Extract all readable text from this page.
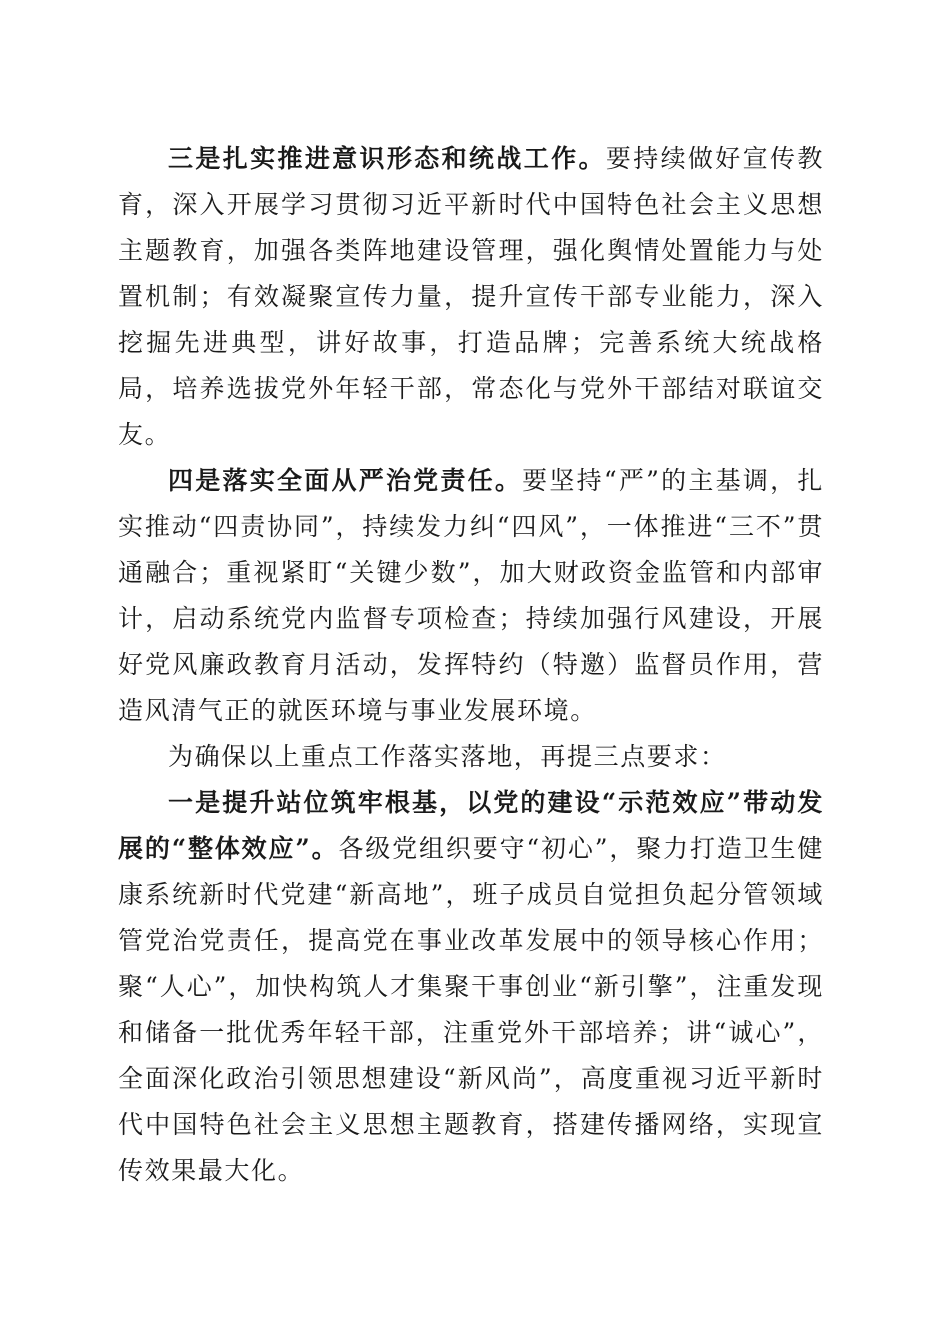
三是扎实推进意识形态和统战工作。要持续做好宣传教育，深入开展学习贯彻习近平新时代中国特色社会主义思想主题教育，加强各类阵地建设管理，强化舆情处置能力与处置机制；有效凝聚宣传力量，提升宣传干部专业能力，深入挖掘先进典型，讲好故事，打造品牌；完善系统大统战格局，培养选拔党外年轻干部，常态化与党外干部结对联谊交友。

四是落实全面从严治党责任。要坚持“严”的主基调，扎实推动“四责协同”，持续发力纠“四风”，一体推进“三不”贯通融合；重视紧盯“关键少数”，加大财政资金监管和内部审计，启动系统党内监督专项检查；持续加强行风建设，开展好党风廉政教育月活动，发挥特约（特邀）监督员作用，营造风清气正的就医环境与事业发展环境。

为确保以上重点工作落实落地，再提三点要求：

一是提升站位筑牢根基，以党的建设“示范效应”带动发展的“整体效应”。各级党组织要守“初心”，聚力打造卫生健康系统新时代党建“新高地”，班子成员自觉担负起分管领域管党治党责任，提高党在事业改革发展中的领导核心作用；聚“人心”，加快构筑人才集聚干事创业“新引擎”，注重发现和储备一批优秀年轻干部，注重党外干部培养；讲“诚心”，全面深化政治引领思想建设“新风尚”，高度重视习近平新时代中国特色社会主义思想主题教育，搭建传播网络，实现宣传效果最大化。
